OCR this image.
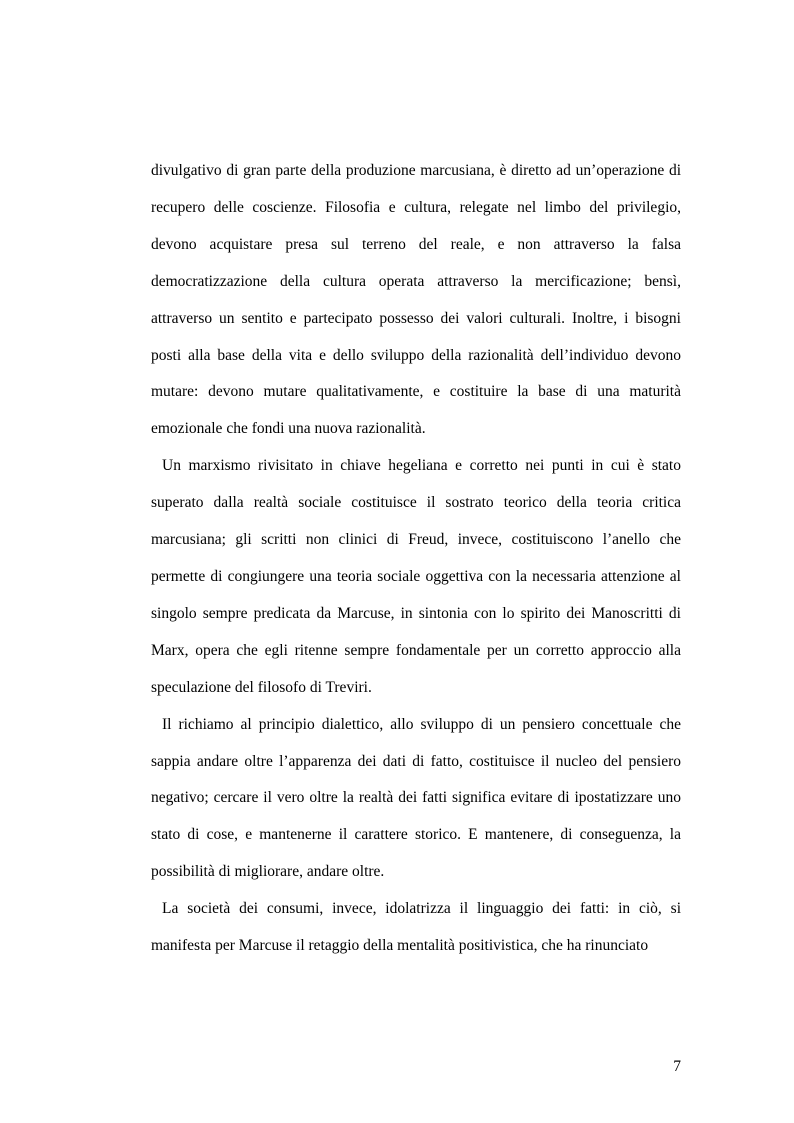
divulgativo di gran parte della produzione marcusiana, è diretto ad un’operazione di recupero delle coscienze. Filosofia e cultura, relegate nel limbo del privilegio, devono acquistare presa sul terreno del reale, e non attraverso la falsa democratizzazione della cultura operata attraverso la mercificazione; bensì, attraverso un sentito e partecipato possesso dei valori culturali. Inoltre, i bisogni posti alla base della vita e dello sviluppo della razionalità dell’individuo devono mutare: devono mutare qualitativamente, e costituire la base di una maturità emozionale che fondi una nuova razionalità.

Un marxismo rivisitato in chiave hegeliana e corretto nei punti in cui è stato superato dalla realtà sociale costituisce il sostrato teorico della teoria critica marcusiana; gli scritti non clinici di Freud, invece, costituiscono l’anello che permette di congiungere una teoria sociale oggettiva con la necessaria attenzione al singolo sempre predicata da Marcuse, in sintonia con lo spirito dei Manoscritti di Marx, opera che egli ritenne sempre fondamentale per un corretto approccio alla speculazione del filosofo di Treviri.

Il richiamo al principio dialettico, allo sviluppo di un pensiero concettuale che sappia andare oltre l’apparenza dei dati di fatto, costituisce il nucleo del pensiero negativo; cercare il vero oltre la realtà dei fatti significa evitare di ipostatizzare uno stato di cose, e mantenerne il carattere storico. E mantenere, di conseguenza, la possibilità di migliorare, andare oltre.

La società dei consumi, invece, idolatrizza il linguaggio dei fatti: in ciò, si manifesta per Marcuse il retaggio della mentalità positivistica, che ha rinunciato

7
